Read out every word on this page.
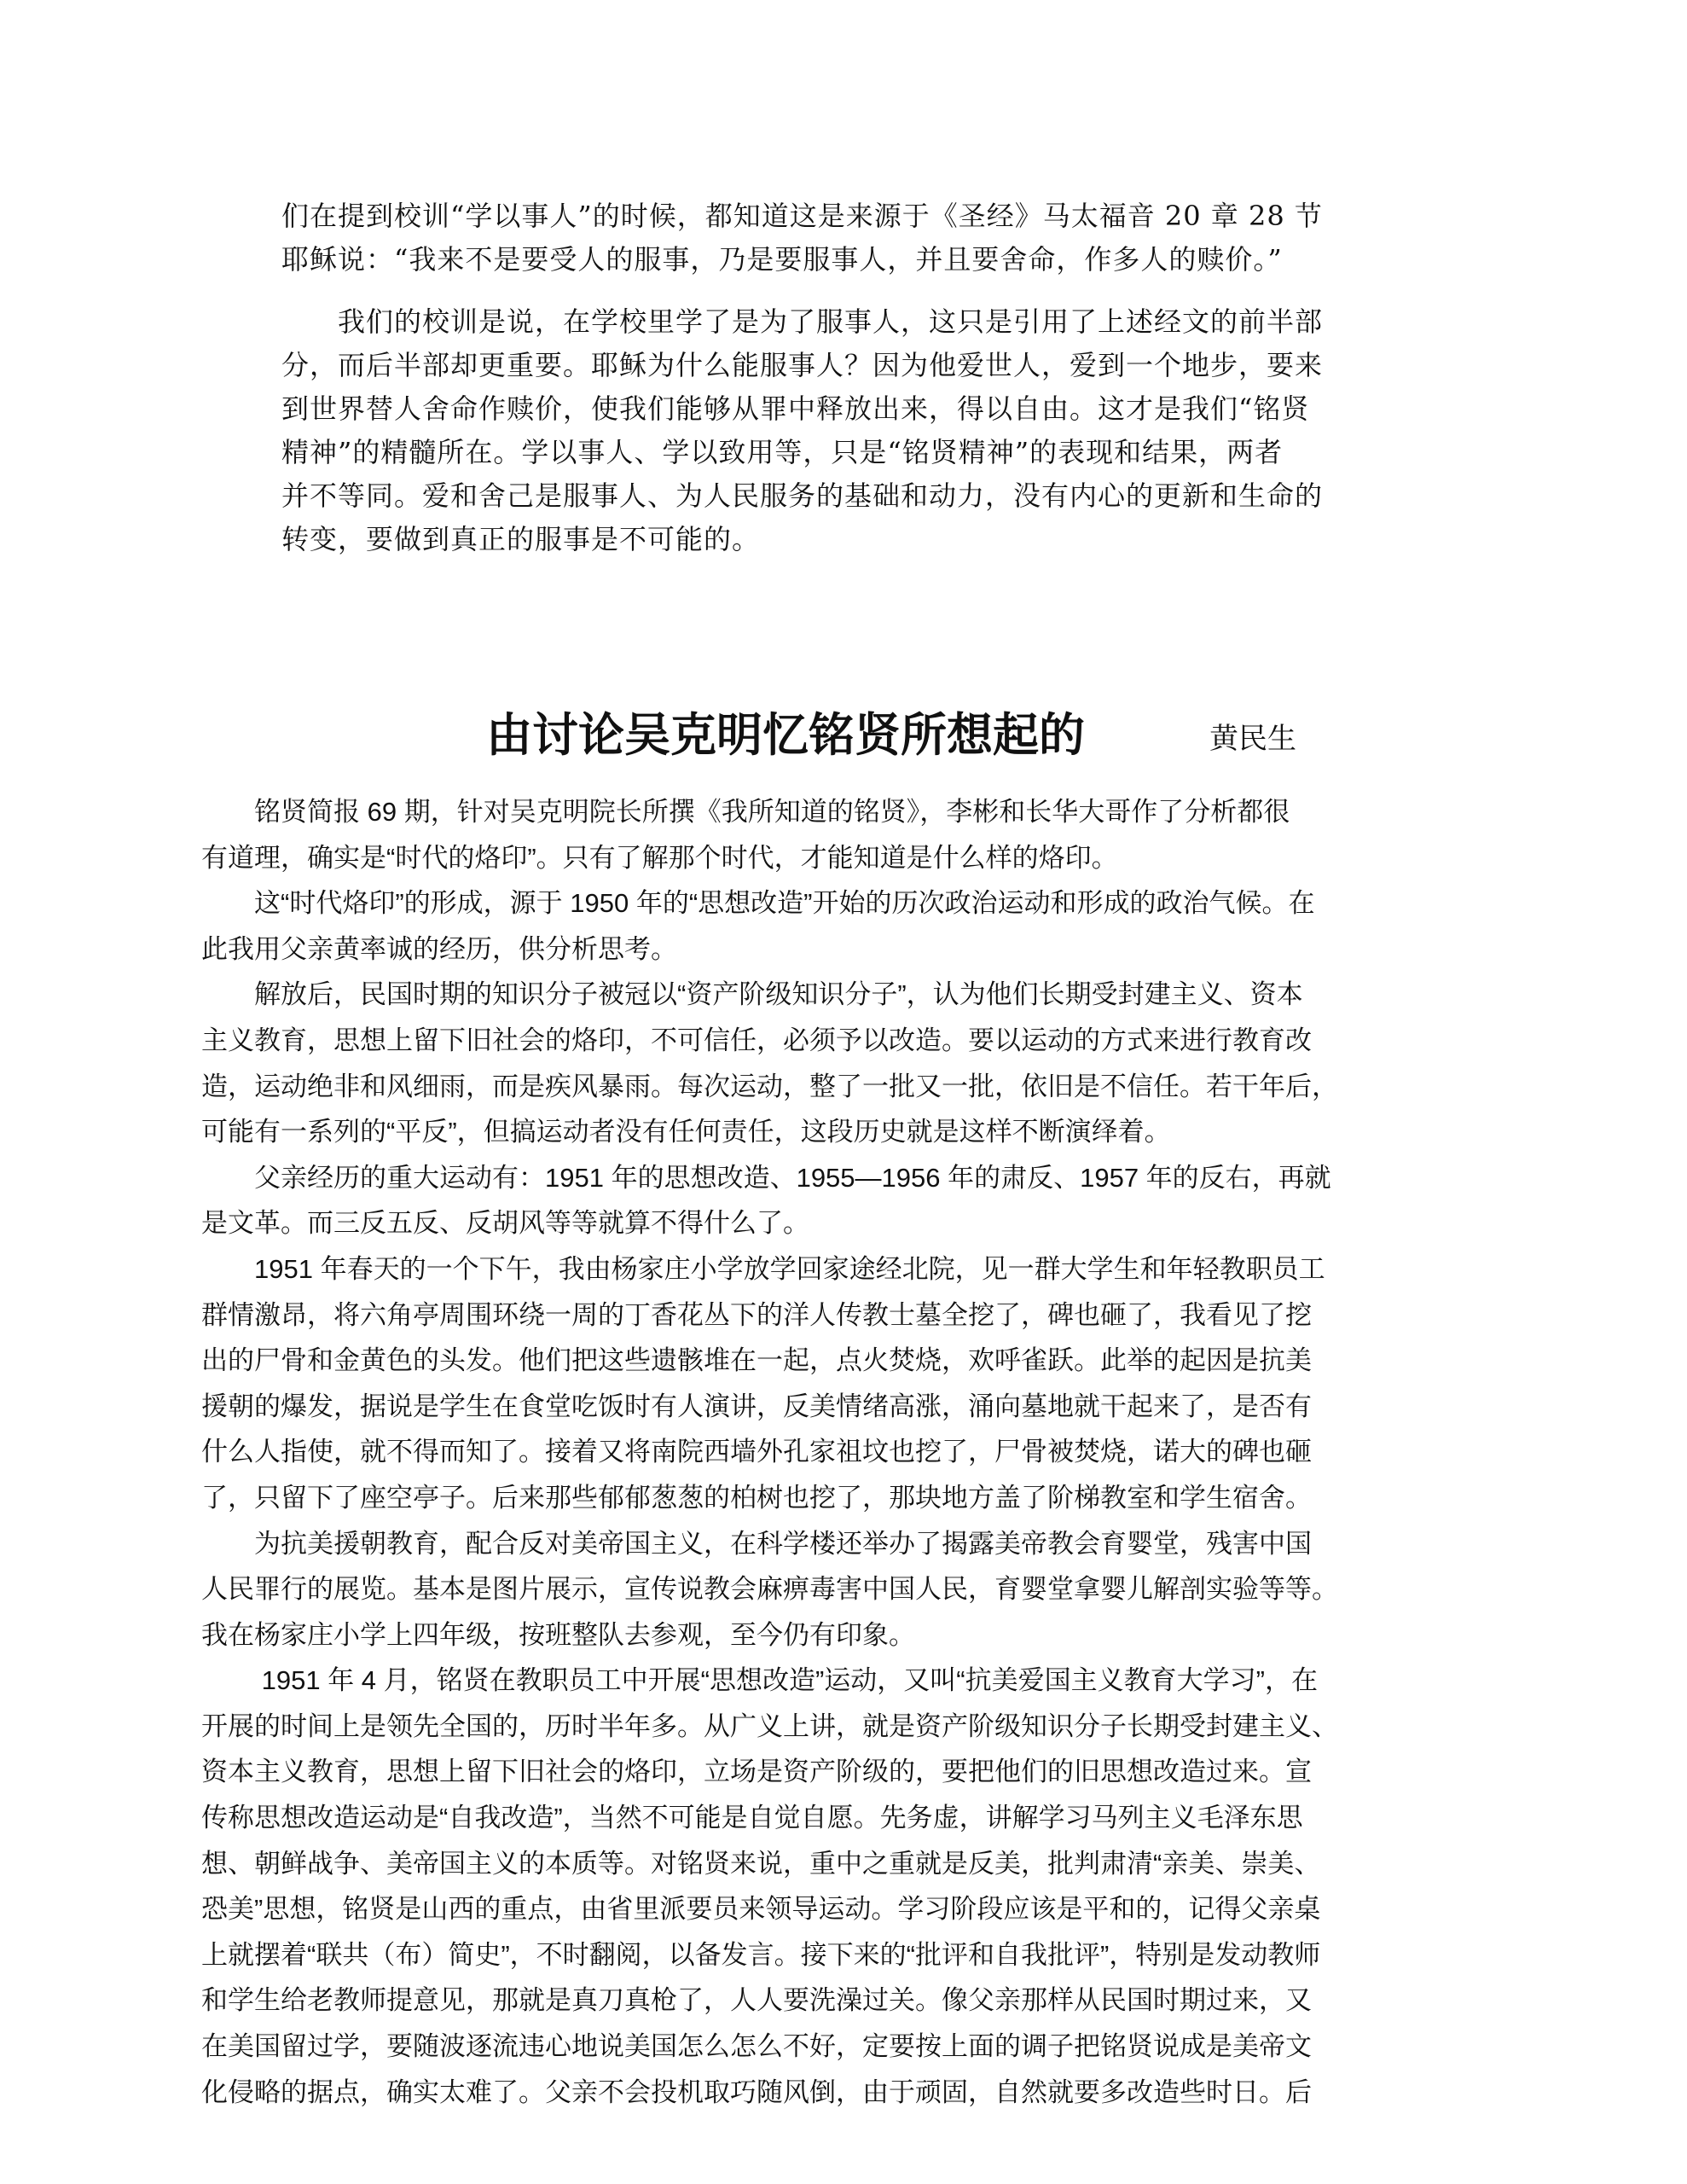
们在提到校训“学以事人”的时候，都知道这是来源于《圣经》马太福音 20 章 28 节

耶稣说：“我来不是要受人的服事，乃是要服事人，并且要舍命，作多人的赎价。”

　　我们的校训是说，在学校里学了是为了服事人，这只是引用了上述经文的前半部

分，而后半部却更重要。耶稣为什么能服事人？因为他爱世人，爱到一个地步，要来

到世界替人舍命作赎价，使我们能够从罪中释放出来，得以自由。这才是我们“铭贤

精神”的精髓所在。学以事人、学以致用等，只是“铭贤精神”的表现和结果，两者

并不等同。爱和舍己是服事人、为人民服务的基础和动力，没有内心的更新和生命的

转变，要做到真正的服事是不可能的。

由讨论吴克明忆铭贤所想起的	黄民生

　　铭贤简报 69 期，针对吴克明院长所撰《我所知道的铭贤》，李彬和长华大哥作了分析都很

有道理，确实是“时代的烙印”。只有了解那个时代，才能知道是什么样的烙印。

　　这“时代烙印”的形成，源于 1950 年的“思想改造”开始的历次政治运动和形成的政治气候。在

此我用父亲黄率诚的经历，供分析思考。

　　解放后，民国时期的知识分子被冠以“资产阶级知识分子”，认为他们长期受封建主义、资本

主义教育，思想上留下旧社会的烙印，不可信任，必须予以改造。要以运动的方式来进行教育改

造，运动绝非和风细雨，而是疾风暴雨。每次运动，整了一批又一批，依旧是不信任。若干年后，

可能有一系列的“平反”，但搞运动者没有任何责任，这段历史就是这样不断演绎着。

　　父亲经历的重大运动有：1951 年的思想改造、1955—1956 年的肃反、1957 年的反右，再就

是文革。而三反五反、反胡风等等就算不得什么了。

　　1951 年春天的一个下午，我由杨家庄小学放学回家途经北院，见一群大学生和年轻教职员工

群情激昂，将六角亭周围环绕一周的丁香花丛下的洋人传教士墓全挖了，碑也砸了，我看见了挖

出的尸骨和金黄色的头发。他们把这些遗骸堆在一起，点火焚烧，欢呼雀跃。此举的起因是抗美

援朝的爆发，据说是学生在食堂吃饭时有人演讲，反美情绪高涨，涌向墓地就干起来了，是否有

什么人指使，就不得而知了。接着又将南院西墙外孔家祖坟也挖了，尸骨被焚烧，诺大的碑也砸

了，只留下了座空亭子。后来那些郁郁葱葱的柏树也挖了，那块地方盖了阶梯教室和学生宿舍。

　　为抗美援朝教育，配合反对美帝国主义，在科学楼还举办了揭露美帝教会育婴堂，残害中国

人民罪行的展览。基本是图片展示，宣传说教会麻痹毒害中国人民，育婴堂拿婴儿解剖实验等等。

我在杨家庄小学上四年级，按班整队去参观，至今仍有印象。

　　 1951 年 4 月，铭贤在教职员工中开展“思想改造”运动，又叫“抗美爱国主义教育大学习”，在

开展的时间上是领先全国的，历时半年多。从广义上讲，就是资产阶级知识分子长期受封建主义、

资本主义教育，思想上留下旧社会的烙印，立场是资产阶级的，要把他们的旧思想改造过来。宣

传称思想改造运动是“自我改造”，当然不可能是自觉自愿。先务虚，讲解学习马列主义毛泽东思

想、朝鲜战争、美帝国主义的本质等。对铭贤来说，重中之重就是反美，批判肃清“亲美、崇美、

恐美”思想，铭贤是山西的重点，由省里派要员来领导运动。学习阶段应该是平和的，记得父亲桌

上就摆着“联共（布）简史”，不时翻阅，以备发言。接下来的“批评和自我批评”，特别是发动教师

和学生给老教师提意见，那就是真刀真枪了，人人要洗澡过关。像父亲那样从民国时期过来，又

在美国留过学，要随波逐流违心地说美国怎么怎么不好，定要按上面的调子把铭贤说成是美帝文

化侵略的据点，确实太难了。父亲不会投机取巧随风倒，由于顽固，自然就要多改造些时日。后
